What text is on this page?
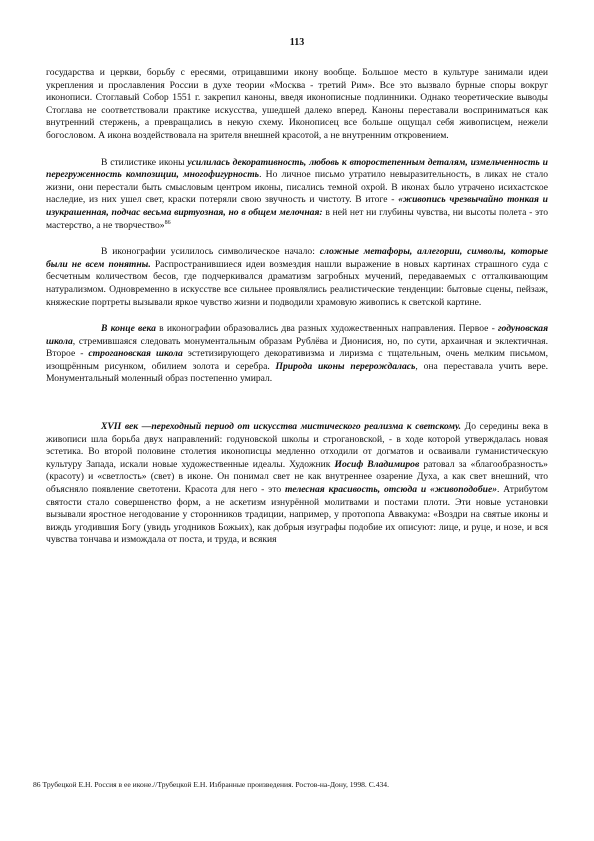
113

государства и церкви, борьбу с ересями, отрицавшими икону вообще. Большое место в культуре занимали идеи укрепления и прославления России в духе теории «Москва - третий Рим». Все это вызвало бурные споры вокруг иконописи. Стоглавый Собор 1551 г. закрепил каноны, введя иконописные подлинники. Однако теоретические выводы Стоглава не соответствовали практике искусства, ушедшей далеко вперед. Каноны переставали восприниматься как внутренний стержень, а превращались в некую схему. Иконописец все больше ощущал себя живописцем, нежели богословом. А икона воздействовала на зрителя внешней красотой, а не внутренним откровением.

В стилистике иконы усилилась декоративность, любовь к второстепенным деталям, измельченность и перегруженность композиции, многофигурность. Но личное письмо утратило невыразительность, в ликах не стало жизни, они перестали быть смысловым центром иконы, писались темной охрой. В иконах было утрачено исихастское наследие, из них ушел свет, краски потеряли свою звучность и чистоту. В итоге - «живопись чрезвычайно тонкая и изукрашенная, подчас весьма виртуозная, но в общем мелочная: в ней нет ни глубины чувства, ни высоты полета - это мастерство, а не творчество»$^{86}$

В иконографии усилилось символическое начало: сложные метафоры, аллегории, символы, которые были не всем понятны. Распространившиеся идеи возмездия нашли выражение в новых картинах страшного суда с бесчетным количеством бесов, где подчеркивался драматизм загробных мучений, передаваемых с отталкивающим натурализмом. Одновременно в искусстве все сильнее проявлялись реалистические тенденции: бытовые сцены, пейзаж, княжеские портреты вызывали яркое чувство жизни и подводили храмовую живопись к светской картине.

В конце века в иконографии образовались два разных художественных направления. Первое - годуновская школа, стремившаяся следовать монументальным образам Рублёва и Дионисия, но, по сути, архаичная и эклектичная. Второе - строгановская школа эстетизирующего декоративизма и лиризма с тщательным, очень мелким письмом, изощрённым рисунком, обилием золота и серебра. Природа иконы перерождалась, она переставала учить вере. Монументальный моленный образ постепенно умирал.

XVII век —переходный период от искусства мистического реализма к светскому. До середины века в живописи шла борьба двух направлений: годуновской школы и строгановской, - в ходе которой утверждалась новая эстетика. Во второй половине столетия иконописцы медленно отходили от догматов и осваивали гуманистическую культуру Запада, искали новые художественные идеалы. Художник Иосиф Владимиров ратовал за «благообразность» (красоту) и «светлость» (свет) в иконе. Он понимал свет не как внутреннее озарение Духа, а как свет внешний, что объясняло появление светотени. Красота для него - это телесная красивость, отсюда и «живоподобие». Атрибутом святости стало совершенство форм, а не аскетизм изнурённой молитвами и постами плоти. Эти новые установки вызывали яростное негодование у сторонников традиции, например, у протопопа Аввакума: «Воздри на святые иконы и виждь угодившия Богу (увидь угодников Божьих), как добрыя изуграфы подобие их описуют: лице, и руце, и нозе, и вся чувства тончава и измождала от поста, и труда, и всякия

86 Трубецкой Е.Н. Россия в ее иконе.//Трубецкой Е.Н. Избранные произведения. Ростов-на-Дону, 1998. С.434.
